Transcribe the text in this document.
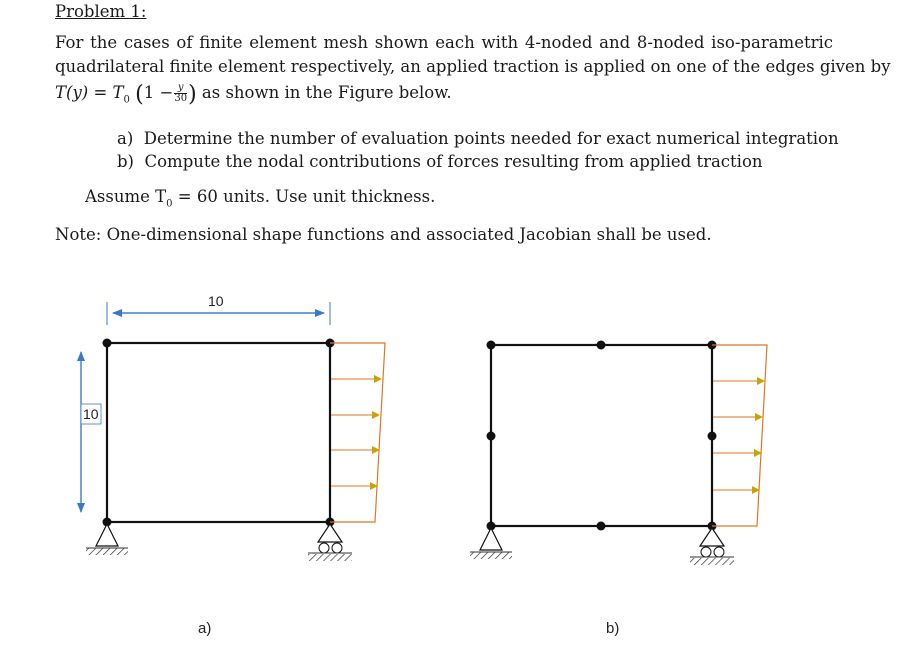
Problem 1:
For the cases of finite element mesh shown each with 4-noded and 8-noded iso-parametric
quadrilateral finite element respectively, an applied traction is applied on one of the edges given by
$T(y) = T_0$ ($1 - \frac{y}{30}$ ) as shown in the Figure below.
a) Determine the number of evaluation points needed for exact numerical integration
b) Compute the nodal contributions of forces resulting from applied traction
Assume $T_0 = 60$ units. Use unit thickness.
Note: One-dimensional shape functions and associated Jacobian shall be used.
10
10
a)	b)
